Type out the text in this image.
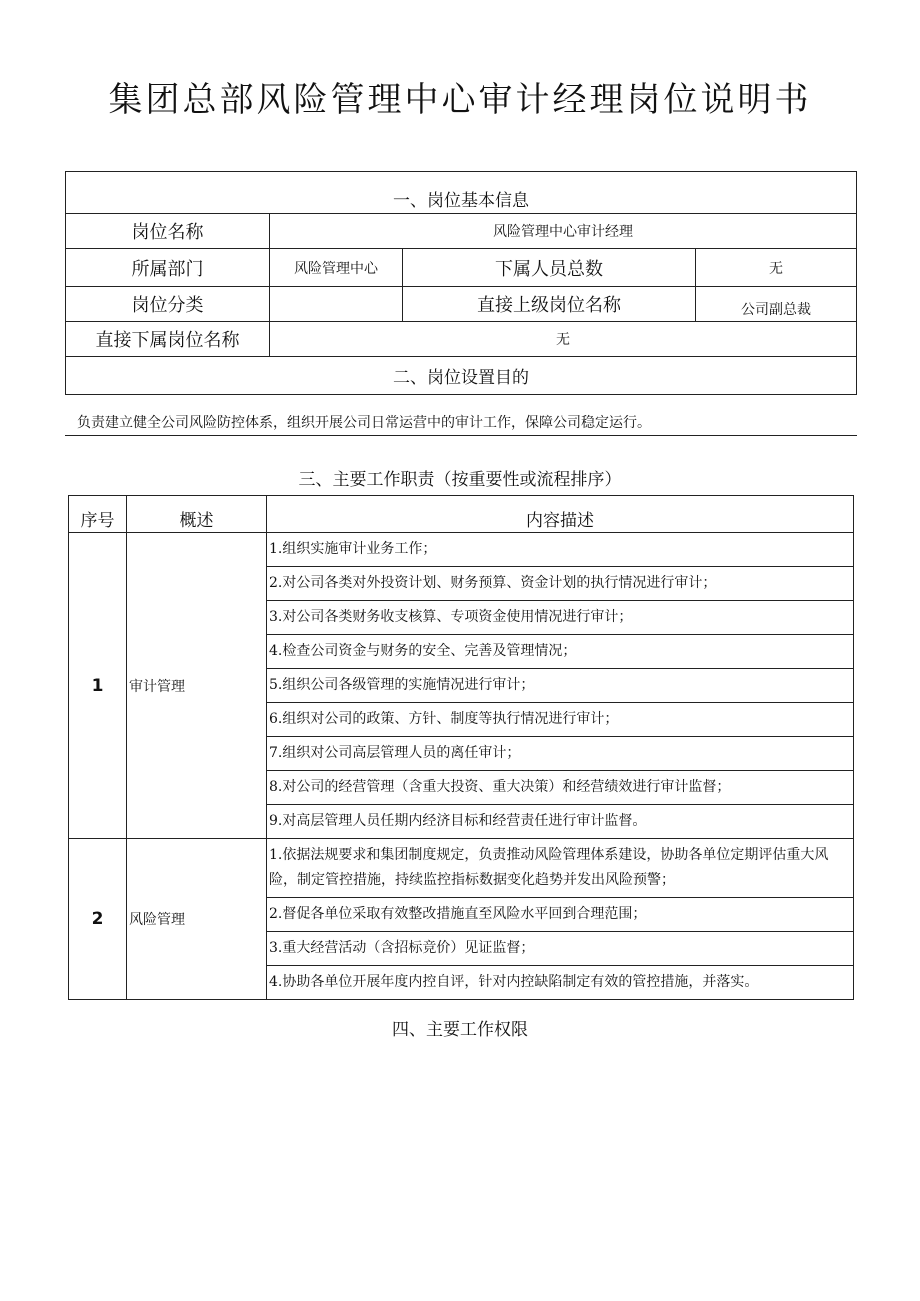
集团总部风险管理中心审计经理岗位说明书
一、岗位基本信息			
岗位名称	风险管理中心审计经理		
所属部门	风险管理中心	下属人员总数	无
岗位分类		直接上级岗位名称	公司副总裁
直接下属岗位名称	无		
二、岗位设置目的			
负责建立健全公司风险防控体系，组织开展公司日常运营中的审计工作，保障公司稳定运行。
三、主要工作职责（按重要性或流程排序）
序号	概述	内容描述
1	审计管理	1.组织实施审计业务工作；
		2.对公司各类对外投资计划、财务预算、资金计划的执行情况进行审计；
		3.对公司各类财务收支核算、专项资金使用情况进行审计；
		4.检查公司资金与财务的安全、完善及管理情况；
		5.组织公司各级管理的实施情况进行审计；
		6.组织对公司的政策、方针、制度等执行情况进行审计；
		7.组织对公司高层管理人员的离任审计；
		8.对公司的经营管理（含重大投资、重大决策）和经营绩效进行审计监督；
		9.对高层管理人员任期内经济目标和经营责任进行审计监督。
2	风险管理	1.依据法规要求和集团制度规定，负责推动风险管理体系建设，协助各单位定期评估重大风险，制定管控措施，持续监控指标数据变化趋势并发出风险预警；
		2.督促各单位采取有效整改措施直至风险水平回到合理范围；
		3.重大经营活动（含招标竞价）见证监督；
		4.协助各单位开展年度内控自评，针对内控缺陷制定有效的管控措施，并落实。
四、主要工作权限
